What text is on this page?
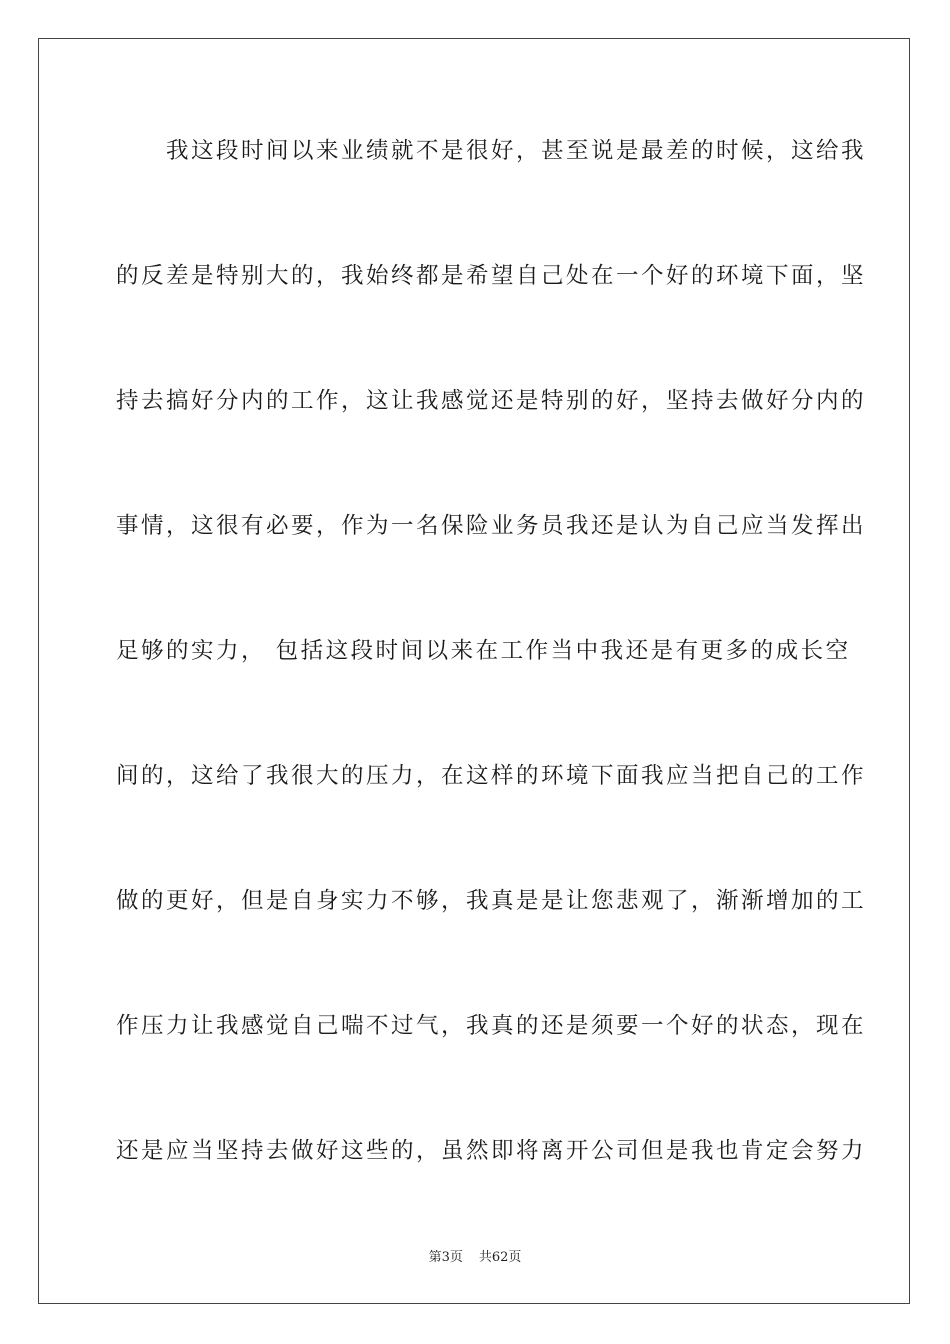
　　我这段时间以来业绩就不是很好，甚至说是最差的时候，这给我
的反差是特别大的，我始终都是希望自己处在一个好的环境下面，坚
持去搞好分内的工作，这让我感觉还是特别的好，坚持去做好分内的
事情，这很有必要，作为一名保险业务员我还是认为自己应当发挥出
足够的实力， 包括这段时间以来在工作当中我还是有更多的成长空
间的，这给了我很大的压力，在这样的环境下面我应当把自己的工作
做的更好，但是自身实力不够，我真是是让您悲观了，渐渐增加的工
作压力让我感觉自己喘不过气，我真的还是须要一个好的状态，现在
还是应当坚持去做好这些的，虽然即将离开公司但是我也肯定会努力
第3页 共62页
